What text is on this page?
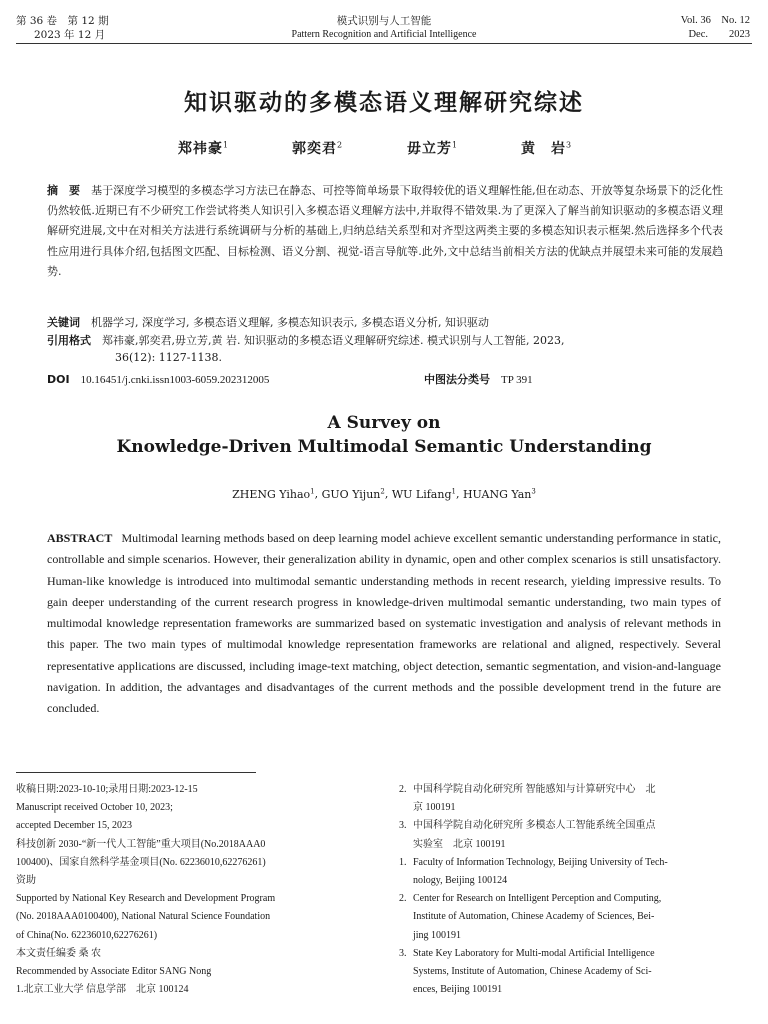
第 36 卷　第 12 期
2023 年 12 月
模式识别与人工智能
Pattern Recognition and Artificial Intelligence
Vol. 36　No. 12
Dec.　　2023
知识驱动的多模态语义理解研究综述
郑祎豪$^1$	郭奕君$^2$	毋立芳$^1$	黄　岩$^3$
摘　要　 基于深度学习模型的多模态学习方法已在静态、可控等简单场景下取得较优的语义理解性能,但在动态、开放等复杂场景下的泛化性仍然较低.近期已有不少研究工作尝试将类人知识引入多模态语义理解方法中,并取得不错效果.为了更深入了解当前知识驱动的多模态语义理解研究进展,文中在对相关方法进行系统调研与分析的基础上,归纳总结关系型和对齐型这两类主要的多模态知识表示框架.然后选择多个代表性应用进行具体介绍,包括图文匹配、目标检测、语义分割、视觉-语言导航等.此外,文中总结当前相关方法的优缺点并展望未来可能的发展趋势.
关键词　 机器学习, 深度学习, 多模态语义理解, 多模态知识表示, 多模态语义分析, 知识驱动
引用格式　 郑祎豪,郭奕君,毋立芳,黄 岩. 知识驱动的多模态语义理解研究综述. 模式识别与人工智能, 2023,
36(12): 1127-1138.
DOI　 10.16451/j.cnki.issn1003-6059.202312005	中图法分类号　 TP 391
A Survey on
Knowledge-Driven Multimodal Semantic Understanding
ZHENG Yihao$^1$, GUO Yijun$^2$, WU Lifang$^1$, HUANG Yan$^3$
ABSTRACT Multimodal learning methods based on deep learning model achieve excellent semantic understanding performance in static, controllable and simple scenarios. However, their generalization ability in dynamic, open and other complex scenarios is still unsatisfactory. Human-like knowledge is introduced into multimodal semantic understanding methods in recent research, yielding impressive results. To gain deeper understanding of the current research progress in knowledge-driven multimodal semantic understanding, two main types of multimodal knowledge representation frameworks are summarized based on systematic investigation and analysis of relevant methods in this paper. The two main types of multimodal knowledge representation frameworks are relational and aligned, respectively. Several representative applications are discussed, including image-text matching, object detection, semantic segmentation, and vision-and-language navigation. In addition, the advantages and disadvantages of the current methods and the possible development trend in the future are concluded.
收稿日期:2023-10-10;录用日期:2023-12-15
Manuscript received October 10, 2023;
accepted December 15, 2023
科技创新 2030-“新一代人工智能”重大项目(No.2018AAA0
100400)、国家自然科学基金项目(No. 62236010,62276261)
资助
Supported by National Key Research and Development Program
(No. 2018AAA0100400), National Natural Science Foundation
of China(No. 62236010,62276261)
本文责任编委 桑 农
Recommended by Associate Editor SANG Nong
1.北京工业大学 信息学部　北京 100124
2. 中国科学院自动化研究所 智能感知与计算研究中心　北
京 100191
3. 中国科学院自动化研究所 多模态人工智能系统全国重点
实验室　北京 100191
1. Faculty of Information Technology, Beijing University of Tech-
nology, Beijing 100124
2. Center for Research on Intelligent Perception and Computing,
Institute of Automation, Chinese Academy of Sciences, Bei-
jing 100191
3. State Key Laboratory for Multi-modal Artificial Intelligence
Systems, Institute of Automation, Chinese Academy of Sci-
ences, Beijing 100191
